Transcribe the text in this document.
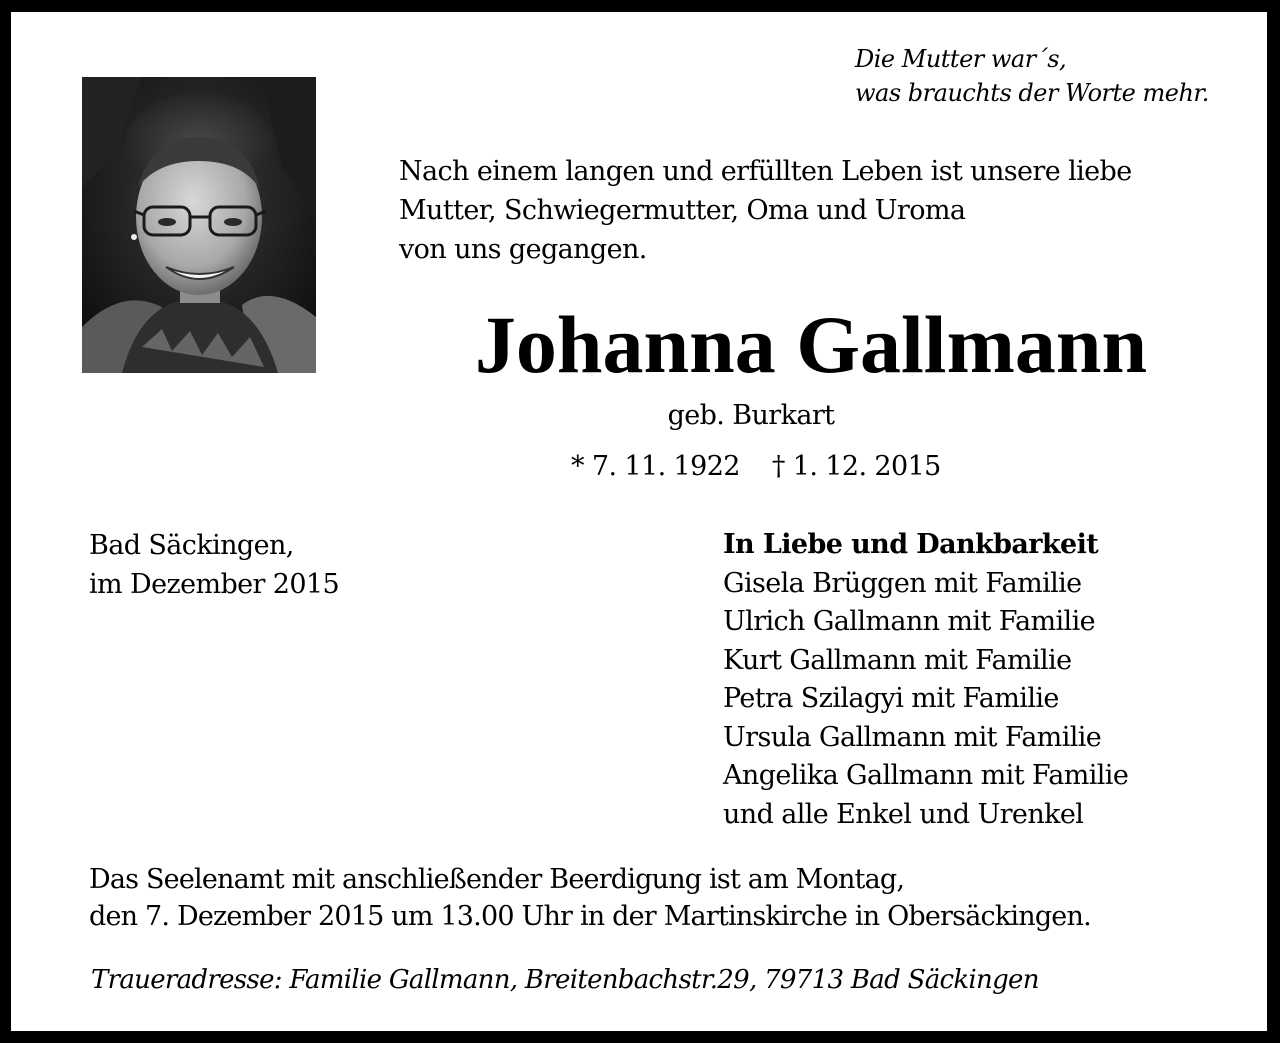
Die Mutter war´s,
was brauchts der Worte mehr.

Nach einem langen und erfüllten Leben ist unsere liebe
Mutter, Schwiegermutter, Oma und Uroma
von uns gegangen.

Johanna Gallmann

geb. Burkart

* 7. 11. 1922 † 1. 12. 2015

Bad Säckingen,
im Dezember 2015

In Liebe und Dankbarkeit
Gisela Brüggen mit Familie
Ulrich Gallmann mit Familie
Kurt Gallmann mit Familie
Petra Szilagyi mit Familie
Ursula Gallmann mit Familie
Angelika Gallmann mit Familie
und alle Enkel und Urenkel

Das Seelenamt mit anschließender Beerdigung ist am Montag,
den 7. Dezember 2015 um 13.00 Uhr in der Martinskirche in Obersäckingen.

Traueradresse: Familie Gallmann, Breitenbachstr.29, 79713 Bad Säckingen
